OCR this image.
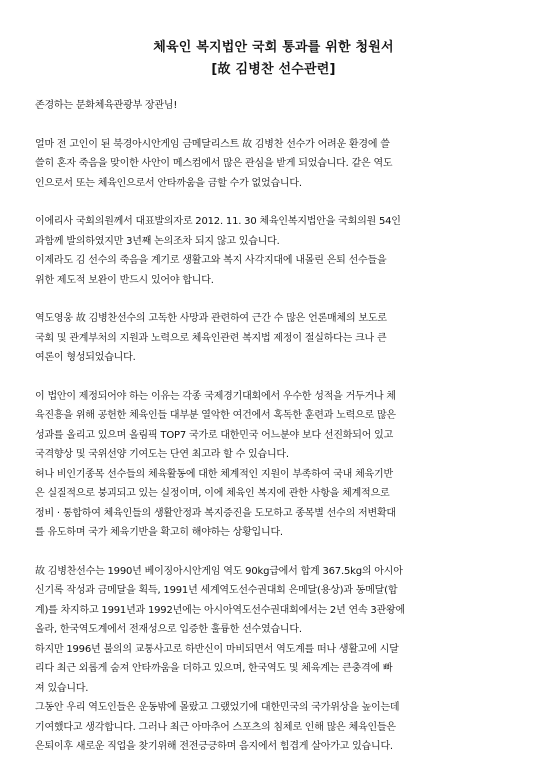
체육인 복지법안 국회 통과를 위한 청원서
[故 김병찬 선수관련]

존경하는 문화체육관광부 장관님!

얼마 전 고인이 된 북경아시안게임 금메달리스트 故 김병찬 선수가 어려운 환경에 쓸
쓸히 혼자 죽음을 맞이한 사안이 메스컴에서 많은 관심을 받게 되었습니다. 같은 역도
인으로서 또는 체육인으로서 안타까움을 금할 수가 없었습니다.

이에리사 국회의원께서 대표발의자로 2012. 11. 30 체육인복지법안을 국회의원 54인
과함께 발의하였지만 3년째 논의조차 되지 않고 있습니다.
이제라도 김 선수의 죽음을 계기로 생활고와 복지 사각지대에 내몰린 은퇴 선수들을
위한 제도적 보완이 반드시 있어야 합니다.

역도영웅 故 김병찬선수의 고독한 사망과 관련하여 근간 수 많은 언론매체의 보도로
국회 및 관계부처의 지원과 노력으로 체육인관련 복지법 제정이 절실하다는 크나 큰
여론이 형성되었습니다.

이 법안이 제정되어야 하는 이유는 각종 국제경기대회에서 우수한 성적을 거두거나 체
육진흥을 위해 공헌한 체육인들 대부분 열악한 여건에서 혹독한 훈련과 노력으로 많은
성과를 올리고 있으며 올림픽 TOP7 국가로 대한민국 어느분야 보다 선진화되어 있고
국격향상 및 국위선양 기여도는 단연 최고라 할 수 있습니다.
허나 비인기종목 선수들의 체육활동에 대한 체계적인 지원이 부족하여 국내 체육기반
은 실질적으로 붕괴되고 있는 실정이며, 이에 체육인 복지에 관한 사항을 체계적으로
정비 · 통합하여 체육인들의 생활안정과 복지증진을 도모하고 종목별 선수의 저변확대
를 유도하며 국가 체육기반을 확고히 해야하는 상황입니다.

故 김병찬선수는 1990년 베이징아시안게임 역도 90kg급에서 합계 367.5kg의 아시아
신기록 작성과 금메달을 획득, 1991년 세계역도선수권대회 은메달(용상)과 동메달(합
계)를 차지하고 1991년과 1992년에는 아시아역도선수권대회에서는 2년 연속 3관왕에
올라, 한국역도계에서 전재성으로 입증한 훌륭한 선수였습니다.
하지만 1996년 불의의 교통사고로 하반신이 마비되면서 역도계를 떠나 생활고에 시달
리다 최근 외롭게 숨져 안타까움을 더하고 있으며, 한국역도 및 체육계는 큰충격에 빠
져 있습니다.
그동안 우리 역도인들은 운동밖에 몰랐고 그랬었기에 대한민국의 국가위상을 높이는데
기여했다고 생각합니다. 그러나 최근 아마추어 스포츠의 침체로 인해 많은 체육인들은
은퇴이후 새로운 직업을 찾기위해 전전긍긍하며 음지에서 힘겹게 살아가고 있습니다.
